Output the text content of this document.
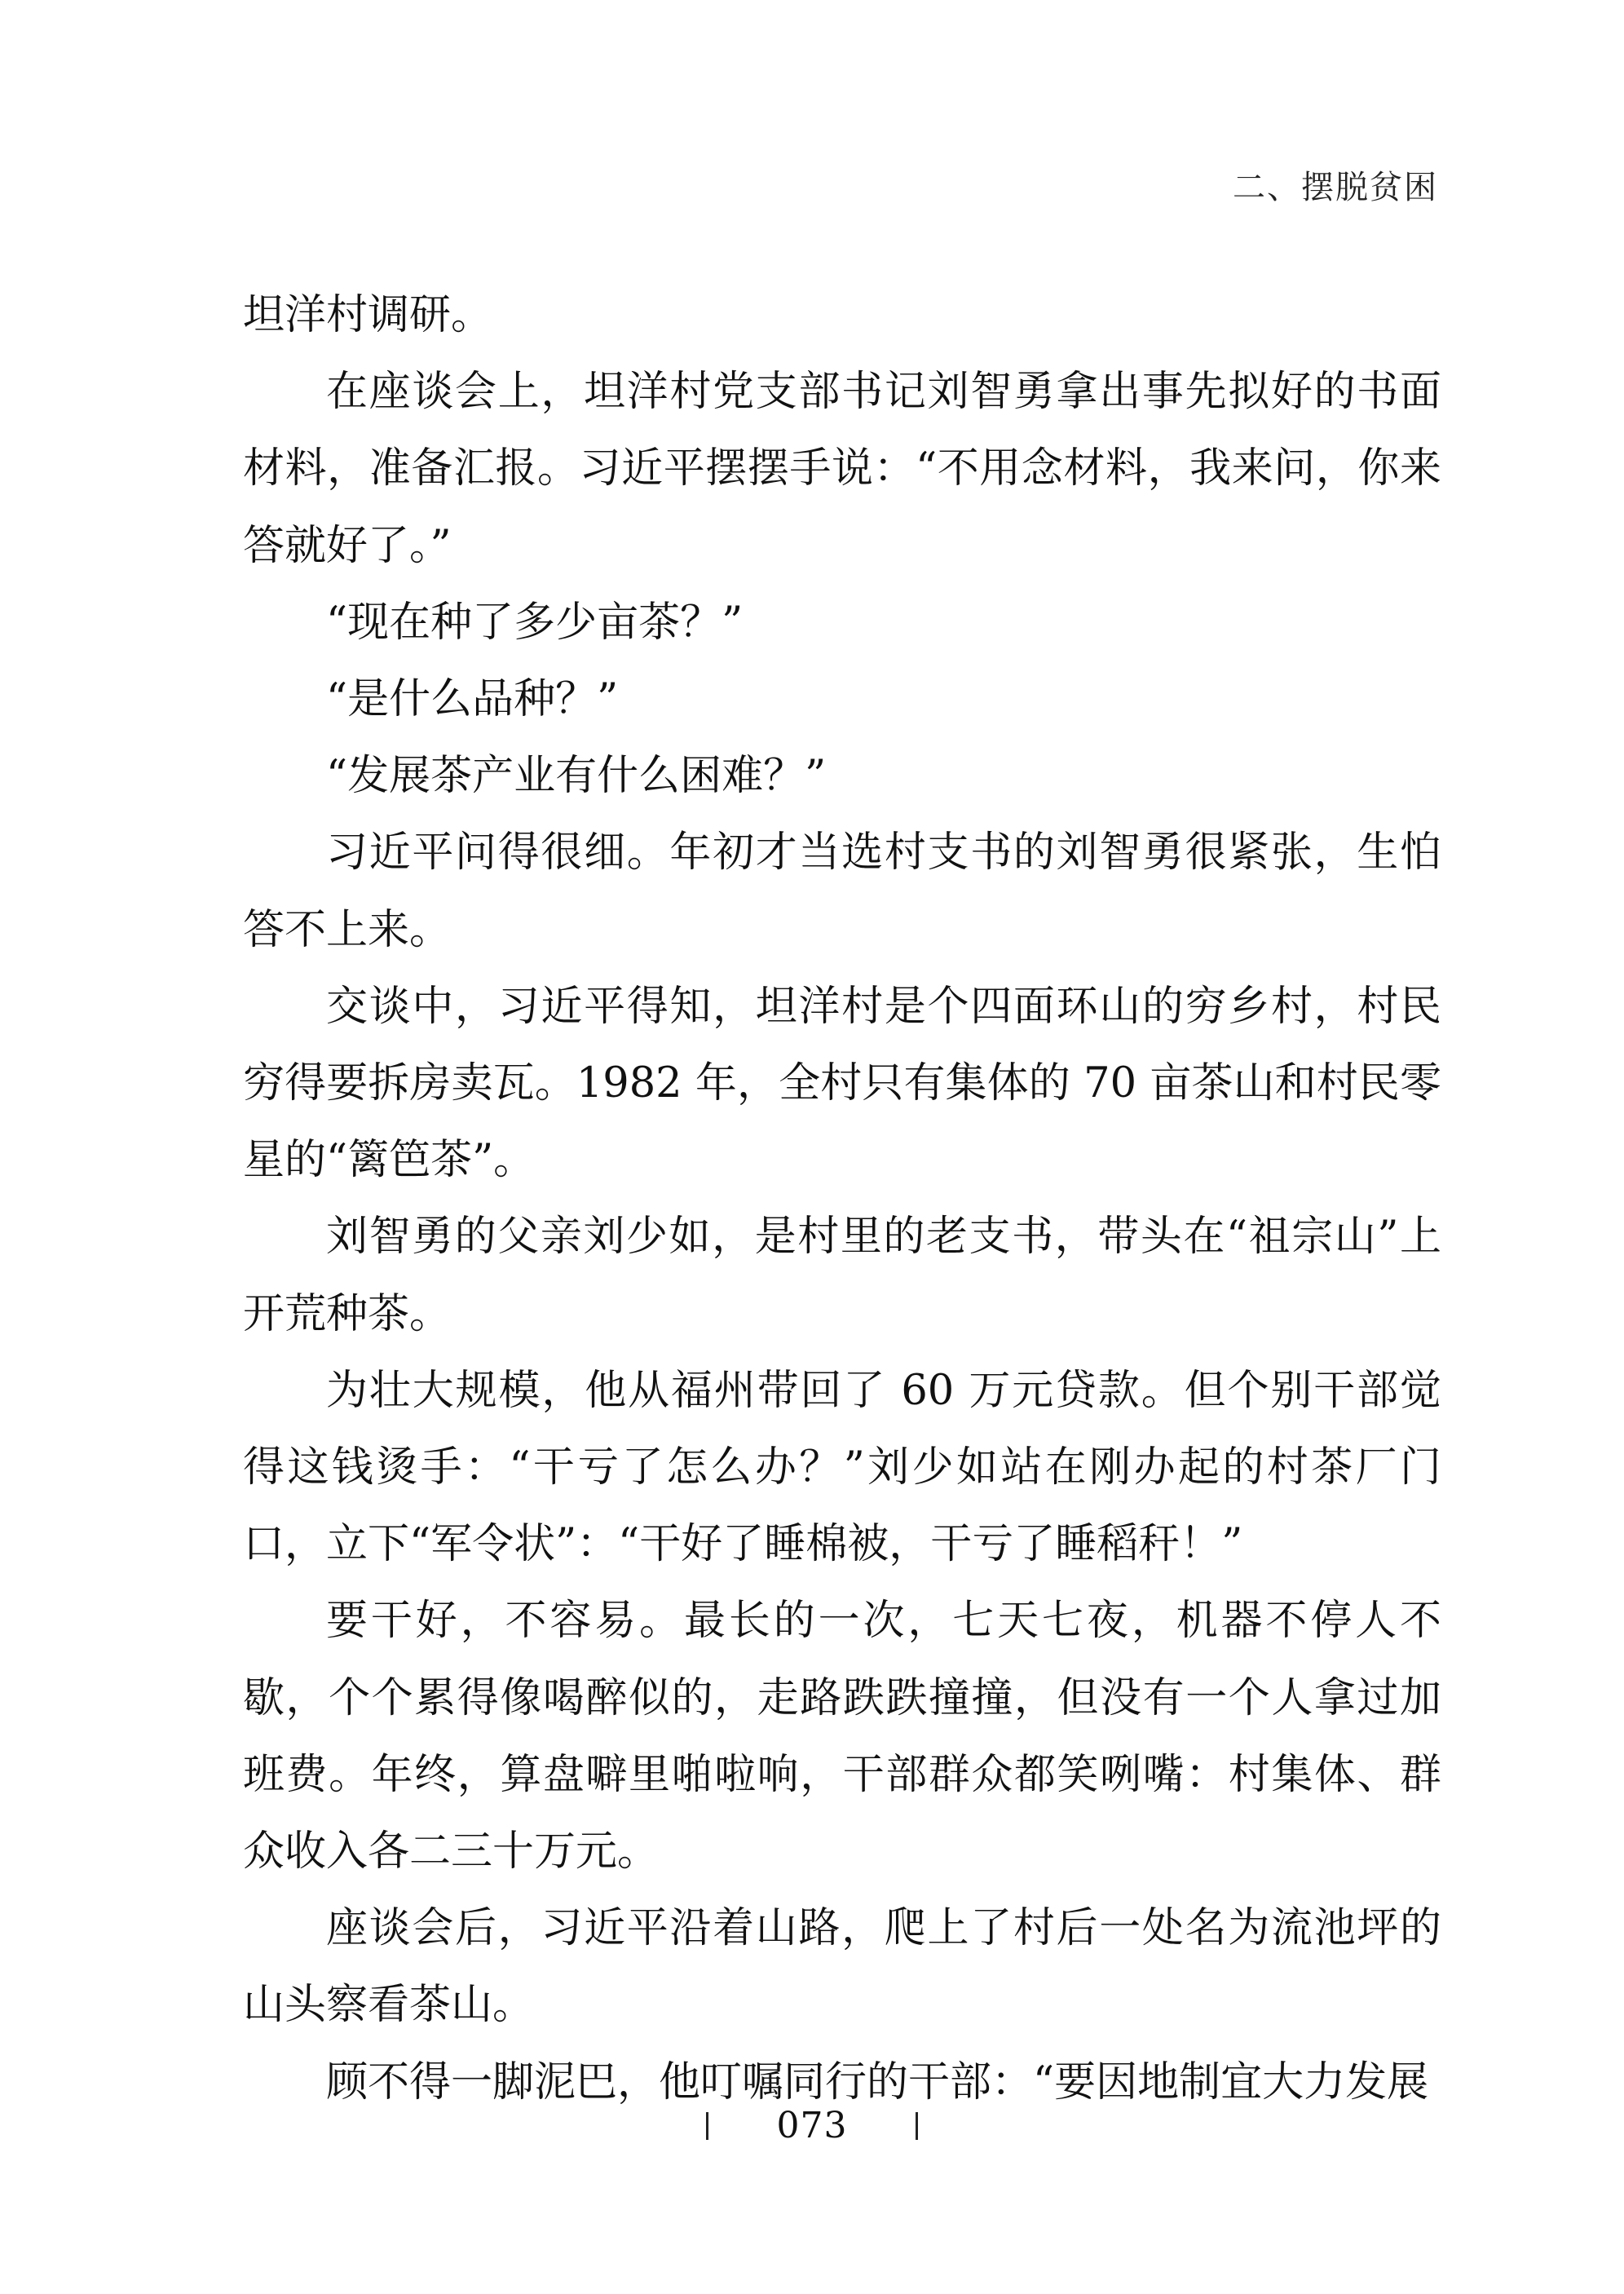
二、摆脱贫困

坦洋村调研。

在座谈会上，坦洋村党支部书记刘智勇拿出事先拟好的书面材料，准备汇报。习近平摆摆手说：“不用念材料，我来问，你来答就好了。”

“现在种了多少亩茶？”

“是什么品种？”

“发展茶产业有什么困难？”

习近平问得很细。年初才当选村支书的刘智勇很紧张，生怕答不上来。

交谈中，习近平得知，坦洋村是个四面环山的穷乡村，村民穷得要拆房卖瓦。1982 年，全村只有集体的 70 亩茶山和村民零星的“篱笆茶”。

刘智勇的父亲刘少如，是村里的老支书，带头在“祖宗山”上开荒种茶。

为壮大规模，他从福州带回了 60 万元贷款。但个别干部觉得这钱烫手：“干亏了怎么办？”刘少如站在刚办起的村茶厂门口，立下“军令状”：“干好了睡棉被，干亏了睡稻秆！”

要干好，不容易。最长的一次，七天七夜，机器不停人不歇，个个累得像喝醉似的，走路跌跌撞撞，但没有一个人拿过加班费。年终，算盘噼里啪啦响，干部群众都笑咧嘴：村集体、群众收入各二三十万元。

座谈会后，习近平沿着山路，爬上了村后一处名为流池坪的山头察看茶山。

顾不得一脚泥巴，他叮嘱同行的干部：“要因地制宜大力发展

073
